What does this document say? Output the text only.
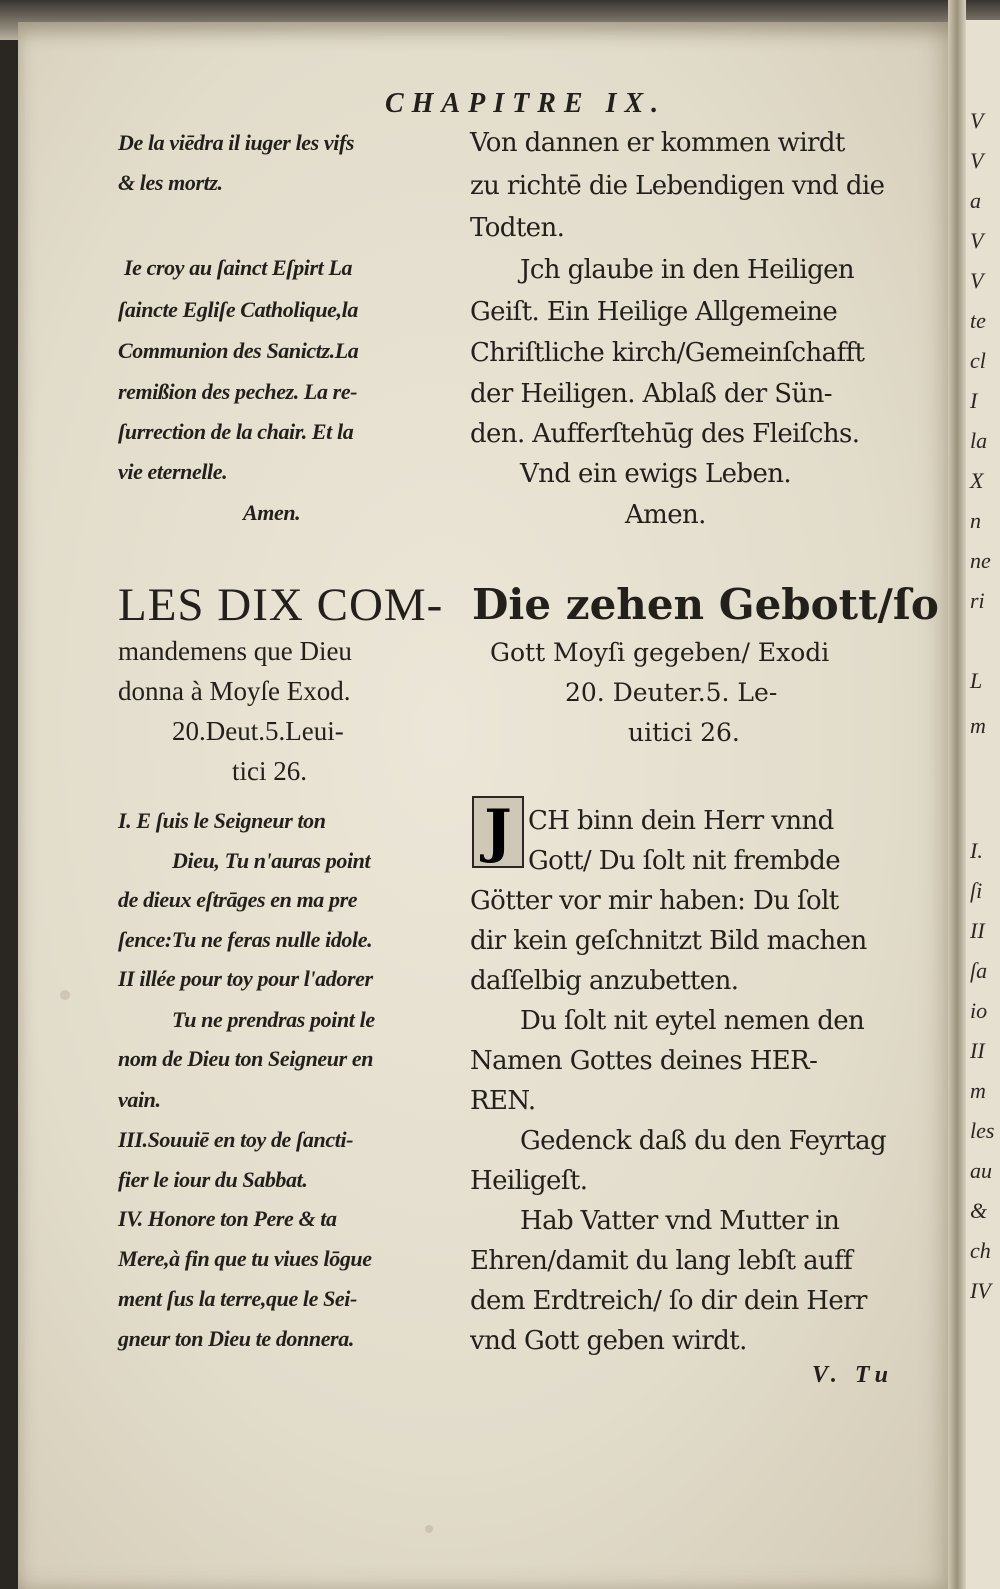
V
V
a
V
V
te
cl
I
la
X
n
ne
ri
L
m
I.
ſi
II
ſa
io
II
m
les
au
&
ch
IV
CHAPITRE IX.
De la viēdra il iuger les vifs
& les mortz.
Ie croy au ſainct Eſpirt La
ſaincte Egliſe Catholique,la
Communion des Sanictz.La
remißion des pechez. La re-
ſurrection de la chair. Et la
vie eternelle.
Amen.
Von dannen er kommen wirdt
zu richtē die Lebendigen vnd die
Todten.
Jch glaube in den Heiligen
Geiſt. Ein Heilige Allgemeine
Chriſtliche kirch/Gemeinſchafft
der Heiligen. Ablaß der Sün-
den. Aufferſtehūg des Fleiſchs.
Vnd ein ewigs Leben.
Amen.
LES DIX COM- Die zehen Gebott/ſo
mandemens que Dieu
donna à Moyſe Exod.
20.Deut.5.Leui-
tici 26.
Gott Moyſi gegeben/ Exodi
20. Deuter.5. Le-
uitici 26.
I. E ſuis le Seigneur ton
Dieu, Tu n'auras point
de dieux eſtrāges en ma pre
ſence:Tu ne feras nulle idole.
II illée pour toy pour l'adorer
Tu ne prendras point le
nom de Dieu ton Seigneur en
vain.
III.Souuiē en toy de ſancti-
fier le iour du Sabbat.
IV. Honore ton Pere & ta
Mere,à fin que tu viues lōgue
ment ſus la terre,que le Sei-
gneur ton Dieu te donnera.
J CH binn dein Herr vnnd
Gott/ Du ſolt nit frembde
Götter vor mir haben: Du ſolt
dir kein geſchnitzt Bild machen
daſſelbig anzubetten.
Du ſolt nit eytel nemen den
Namen Gottes deines HER-
REN.
Gedenck daß du den Feyrtag
Heiligeſt.
Hab Vatter vnd Mutter in
Ehren/damit du lang lebſt auff
dem Erdtreich/ ſo dir dein Herr
vnd Gott geben wirdt.
V. Tu
